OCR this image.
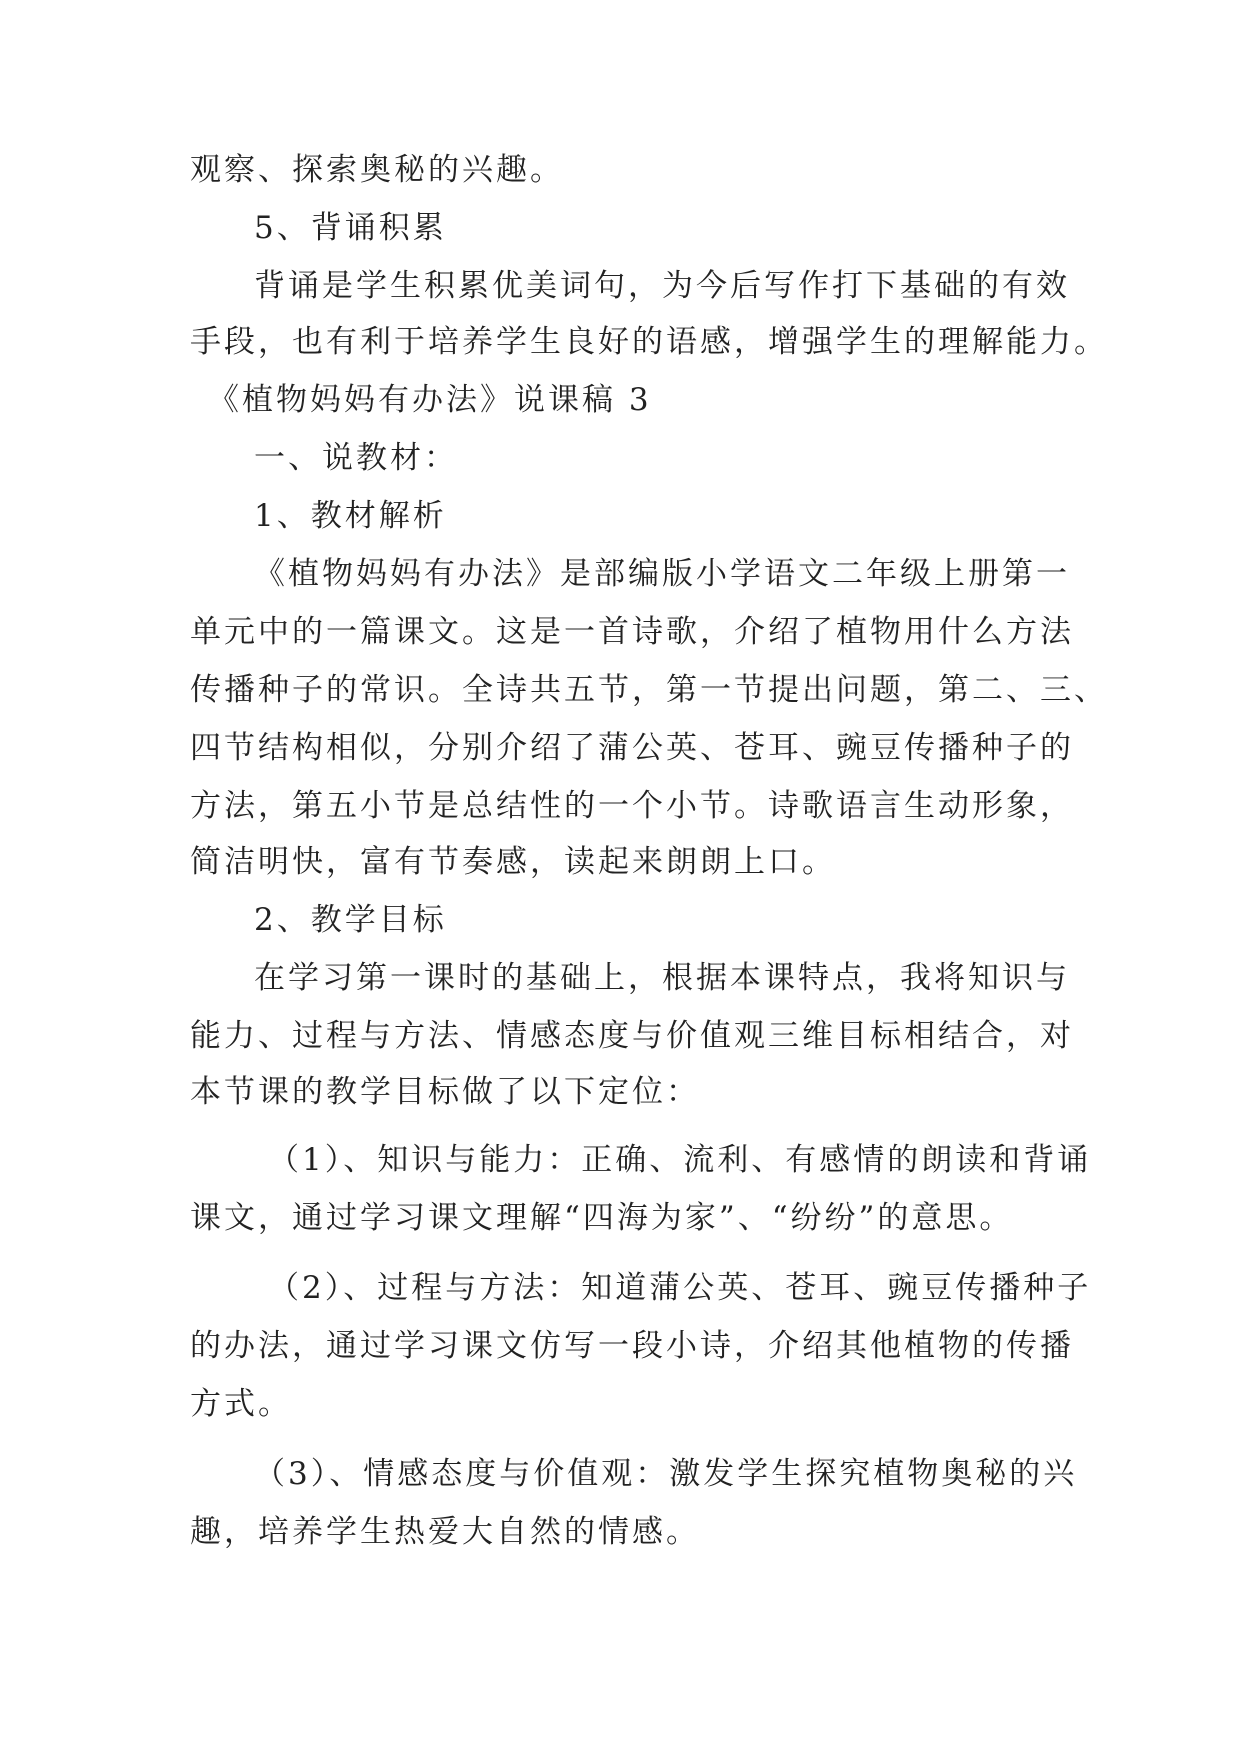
观察、探索奥秘的兴趣。
5、背诵积累
背诵是学生积累优美词句，为今后写作打下基础的有效
手段，也有利于培养学生良好的语感，增强学生的理解能力。
《植物妈妈有办法》说课稿 3
一、说教材：
1、教材解析
《植物妈妈有办法》是部编版小学语文二年级上册第一
单元中的一篇课文。这是一首诗歌，介绍了植物用什么方法
传播种子的常识。全诗共五节，第一节提出问题，第二、三、
四节结构相似，分别介绍了蒲公英、苍耳、豌豆传播种子的
方法，第五小节是总结性的一个小节。诗歌语言生动形象，
简洁明快，富有节奏感，读起来朗朗上口。
2、教学目标
在学习第一课时的基础上，根据本课特点，我将知识与
能力、过程与方法、情感态度与价值观三维目标相结合，对
本节课的教学目标做了以下定位：
（1）、知识与能力：正确、流利、有感情的朗读和背诵
课文，通过学习课文理解“四海为家”、“纷纷”的意思。
（2）、过程与方法：知道蒲公英、苍耳、豌豆传播种子
的办法，通过学习课文仿写一段小诗，介绍其他植物的传播
方式。
（3）、情感态度与价值观：激发学生探究植物奥秘的兴
趣，培养学生热爱大自然的情感。
